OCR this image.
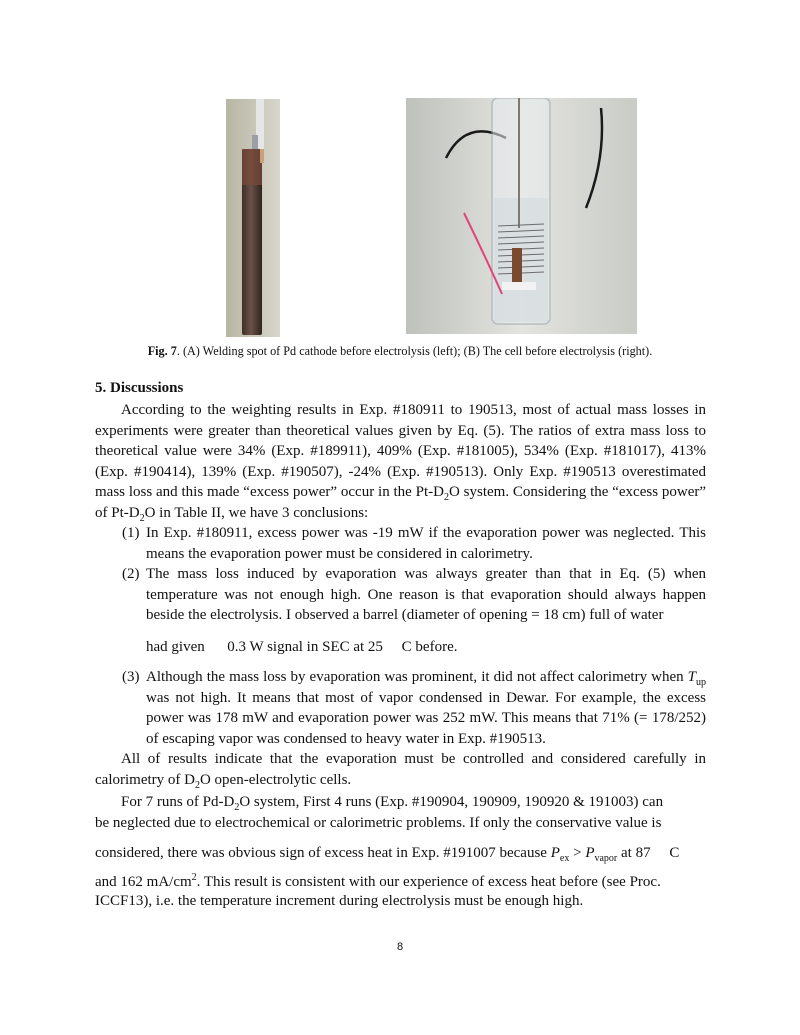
Fig. 7. (A) Welding spot of Pd cathode before electrolysis (left); (B) The cell before electrolysis (right).
5. Discussions
According to the weighting results in Exp. #180911 to 190513, most of actual mass losses in experiments were greater than theoretical values given by Eq. (5). The ratios of extra mass loss to theoretical value were 34% (Exp. #189911), 409% (Exp. #181005), 534% (Exp. #181017), 413% (Exp. #190414), 139% (Exp. #190507), -24% (Exp. #190513). Only Exp. #190513 overestimated mass loss and this made “excess power” occur in the $Pt-D_2O$ system. Considering the “excess power” of $Pt-D_2O$ in Table II, we have 3 conclusions:
(1) In Exp. #180911, excess power was -19 mW if the evaporation power was neglected. This means the evaporation power must be considered in calorimetry.
(2) The mass loss induced by evaporation was always greater than that in Eq. (5) when temperature was not enough high. One reason is that evaporation should always happen beside the electrolysis. I observed a barrel (diameter of opening = 18 cm) full of water
had given      0.3 W signal in SEC at 25     C before.
(3) Although the mass loss by evaporation was prominent, it did not affect calorimetry when $T_{up}$ was not high. It means that most of vapor condensed in Dewar. For example, the excess power was 178 mW and evaporation power was 252 mW. This means that 71% (= 178/252) of escaping vapor was condensed to heavy water in Exp. #190513.
All of results indicate that the evaporation must be controlled and considered carefully in calorimetry of $D_2O$ open-electrolytic cells.
For 7 runs of $Pd-D_2O$ system, First 4 runs (Exp. #190904, 190909, 190920 & 191003) can
be neglected due to electrochemical or calorimetric problems. If only the conservative value is
considered, there was obvious sign of excess heat in Exp. #191007 because $P_{ex} > P_{vapor}$ at 87     C
and 162 $mA/cm^2$. This result is consistent with our experience of excess heat before (see Proc.
ICCF13), i.e. the temperature increment during electrolysis must be enough high.
8
